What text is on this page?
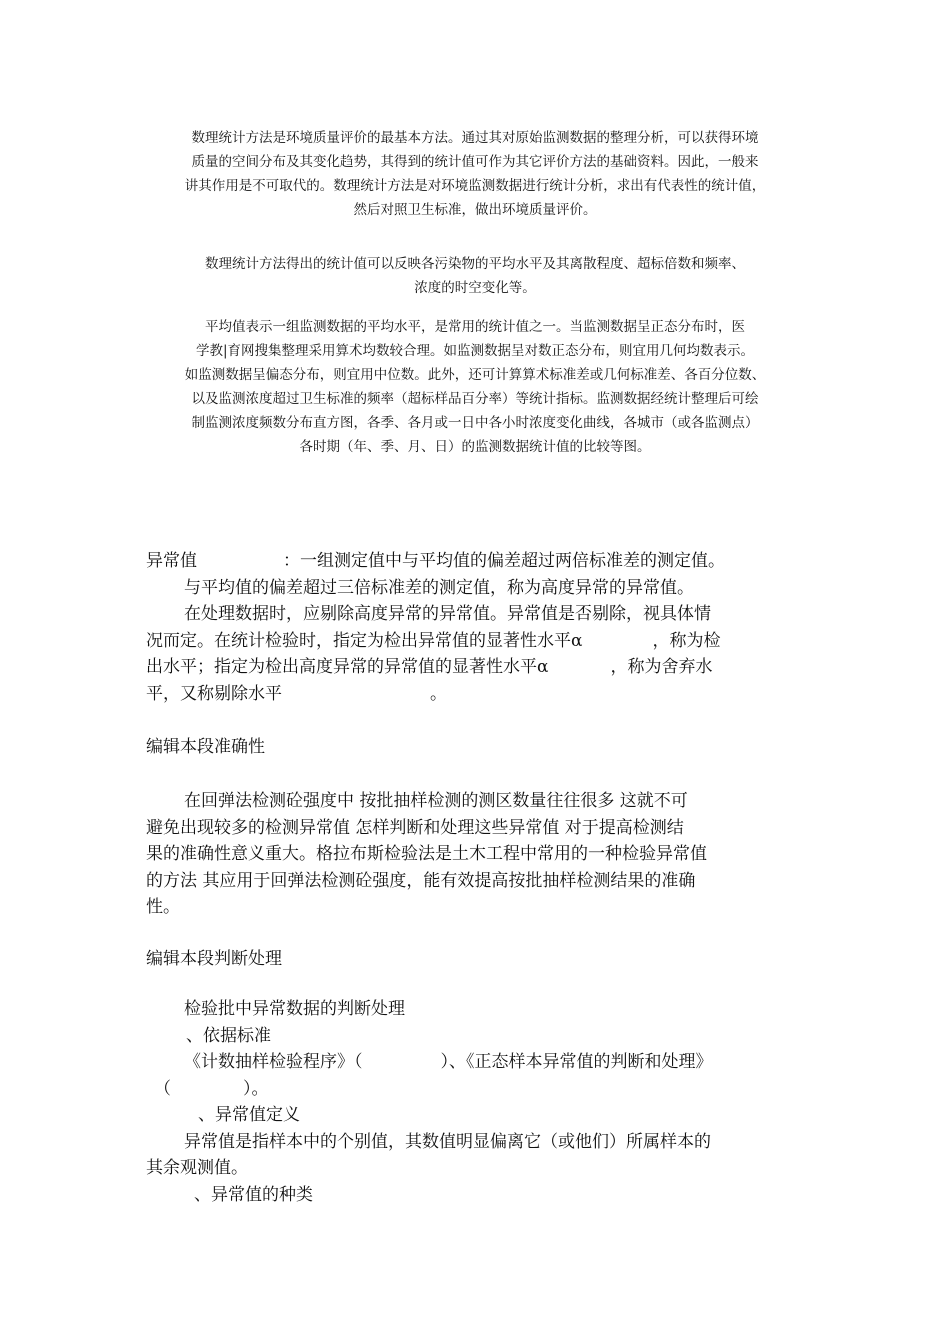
数理统计方法是环境质量评价的最基本方法。通过其对原始监测数据的整理分析，可以获得环境

质量的空间分布及其变化趋势，其得到的统计值可作为其它评价方法的基础资料。因此，一般来

讲其作用是不可取代的。数理统计方法是对环境监测数据进行统计分析，求出有代表性的统计值，

然后对照卫生标准，做出环境质量评价。

数理统计方法得出的统计值可以反映各污染物的平均水平及其离散程度、超标倍数和频率、

浓度的时空变化等。

平均值表示一组监测数据的平均水平，是常用的统计值之一。当监测数据呈正态分布时，医

学教|育网搜集整理采用算术均数较合理。如监测数据呈对数正态分布，则宜用几何均数表示。

如监测数据呈偏态分布，则宜用中位数。此外，还可计算算术标准差或几何标准差、各百分位数、

以及监测浓度超过卫生标准的频率（超标样品百分率）等统计指标。监测数据经统计整理后可绘

制监测浓度频数分布直方图，各季、各月或一日中各小时浓度变化曲线，各城市（或各监测点）

各时期（年、季、月、日）的监测数据统计值的比较等图。

异常值	：一组测定值中与平均值的偏差超过两倍标准差的测定值。

与平均值的偏差超过三倍标准差的测定值，称为高度异常的异常值。

在处理数据时，应剔除高度异常的异常值。异常值是否剔除，视具体情

况而定。在统计检验时，指定为检出异常值的显著性水平α	，称为检

出水平；指定为检出高度异常的异常值的显著性水平α	，称为舍弃水

平，又称剔除水平	。

编辑本段准确性

在回弹法检测砼强度中 按批抽样检测的测区数量往往很多 这就不可

避免出现较多的检测异常值 怎样判断和处理这些异常值 对于提高检测结

果的准确性意义重大。格拉布斯检验法是土木工程中常用的一种检验异常值

的方法 其应用于回弹法检测砼强度，能有效提高按批抽样检测结果的准确

性。

编辑本段判断处理

检验批中异常数据的判断处理

、依据标准

《计数抽样检验程序》（	）、《正态样本异常值的判断和处理》

（	）。

、异常值定义

异常值是指样本中的个别值，其数值明显偏离它（或他们）所属样本的

其余观测值。

、异常值的种类
